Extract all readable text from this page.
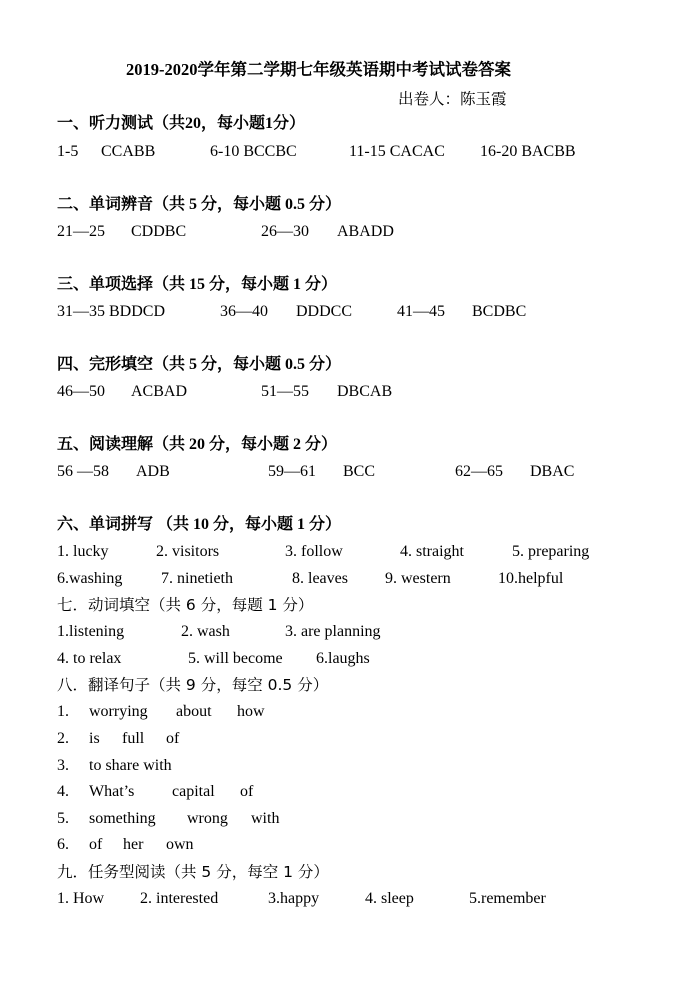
2019-2020学年第二学期七年级英语期中考试试卷答案
出卷人：陈玉霞
一、听力测试（共20，每小题1分）
1-5 CCABB	6-10 BCCBC	11-15 CACAC 16-20 BACBB
二、单词辨音（共 5 分，每小题 0.5 分）
21—25 CDDBC	26—30 ABADD
三、单项选择（共 15 分，每小题 1 分）
31—35 BDDCD	36—40 DDDCC	41—45 BCDBC
四、完形填空（共 5 分，每小题 0.5 分）
46—50 ACBAD	51—55 DBCAB
五、阅读理解（共 20 分，每小题 2 分）
56 —58 ADB	59—61 BCC	62—65 DBAC
六、单词拼写 （共 10 分，每小题 1 分）
1. lucky	2. visitors	3. follow	4. straight	5. preparing
6.washing 7. ninetieth	8. leaves 9. western	10.helpful
七．动词填空（共 6 分，每题 1 分）
1.listening	2. wash	3. are planning
4. to relax	5. will become 6.laughs
八．翻译句子（共 9 分，每空 0.5 分）
1. worrying about how
2. is full of
3. to share with
4. What’s capital of
5. something wrong with
6. of her own
九．任务型阅读（共 5 分，每空 1 分）
1. How 2. interested	3.happy	4. sleep	5.remember
